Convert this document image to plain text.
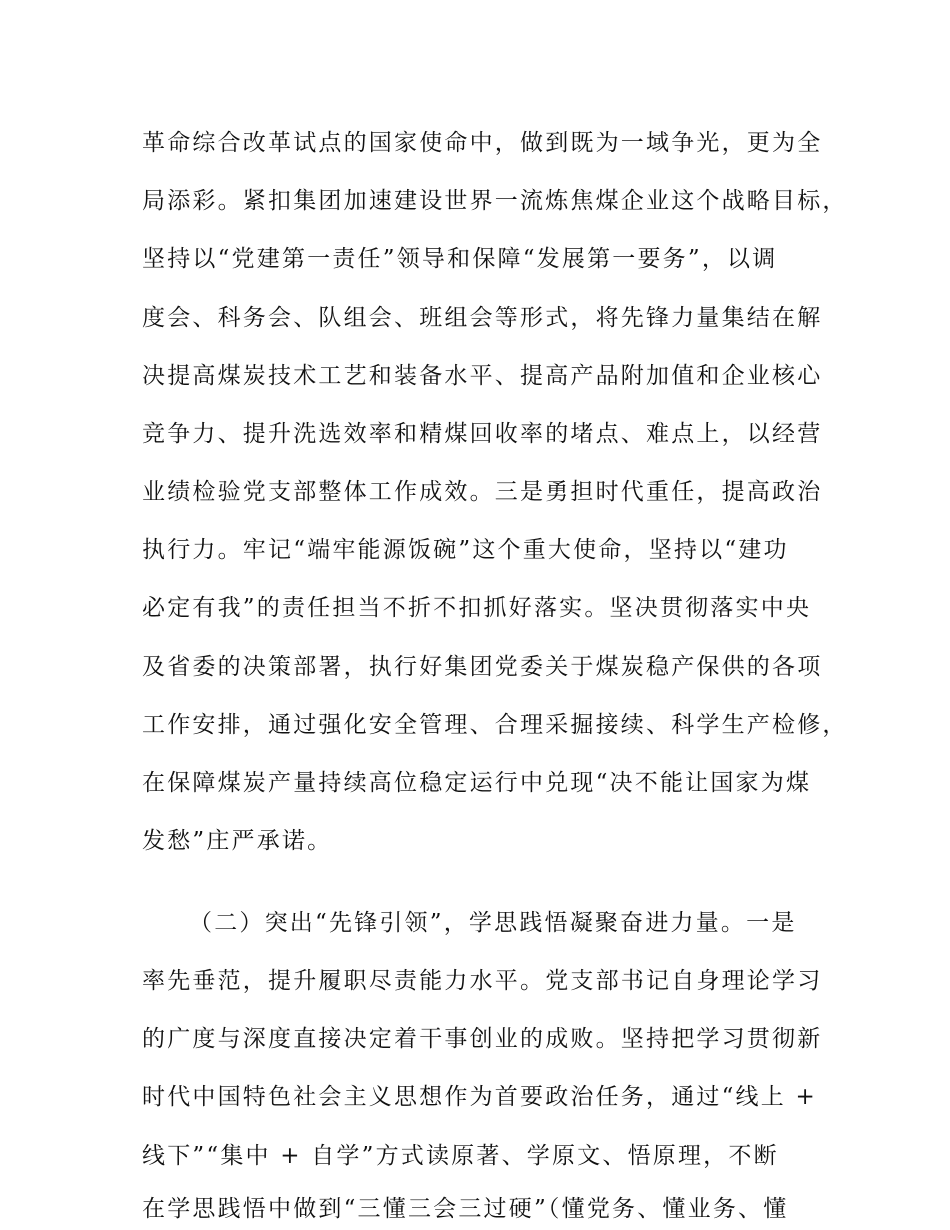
革命综合改革试点的国家使命中，做到既为一域争光，更为全
局添彩。紧扣集团加速建设世界一流炼焦煤企业这个战略目标，
坚持以“党建第一责任”领导和保障“发展第一要务”，以调
度会、科务会、队组会、班组会等形式，将先锋力量集结在解
决提高煤炭技术工艺和装备水平、提高产品附加值和企业核心
竞争力、提升洗选效率和精煤回收率的堵点、难点上，以经营
业绩检验党支部整体工作成效。三是勇担时代重任，提高政治
执行力。牢记“端牢能源饭碗”这个重大使命，坚持以“建功
必定有我”的责任担当不折不扣抓好落实。坚决贯彻落实中央
及省委的决策部署，执行好集团党委关于煤炭稳产保供的各项
工作安排，通过强化安全管理、合理采掘接续、科学生产检修，
在保障煤炭产量持续高位稳定运行中兑现“决不能让国家为煤
发愁”庄严承诺。
（二）突出“先锋引领”，学思践悟凝聚奋进力量。一是
率先垂范，提升履职尽责能力水平。党支部书记自身理论学习
的广度与深度直接决定着干事创业的成败。坚持把学习贯彻新
时代中国特色社会主义思想作为首要政治任务，通过“线上 +
线下”“集中 + 自学”方式读原著、学原文、悟原理，不断
在学思践悟中做到“三懂三会三过硬”（懂党务、懂业务、懂
